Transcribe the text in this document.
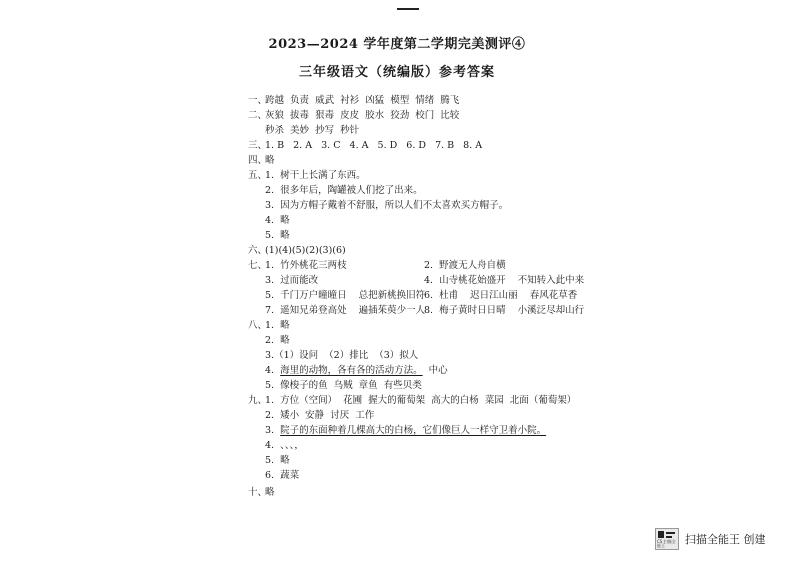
2023—2024 学年度第二学期完美测评④
三年级语文（统编版）参考答案
一、
跨越  负责  威武  衬衫  凶猛  模型  情绪  腾飞
二、
灰狼  拔毒  狠毒  皮皮  胶水  狡劲  校门  比较
秒杀  美妙  抄写  秒针
三、
1. B   2. A   3. C   4. A   5. D   6. D   7. B   8. A
四、
略
五、
1.  树干上长满了东西。
2.  很多年后，陶罐被人们挖了出来。
3.  因为方帽子戴着不舒服，所以人们不太喜欢买方帽子。
4.  略
5.  略
六、
(1)(4)(5)(2)(3)(6)
七、
1.  竹外桃花三两枝
3.  过而能改
5.  千门万户曈曈日    总把新桃换旧符
7.  遥知兄弟登高处    遍插茱萸少一人
2.  野渡无人舟自横
4.  山寺桃花始盛开    不知转入此中来
6.  杜甫    迟日江山丽    春风花草香
8.  梅子黄时日日晴    小溪泛尽却山行
八、
1.  略
2.  略
3.（1）设问  （2）排比  （3）拟人
4. 海里的动物，各有各的活动方法。  中心
5.  像梭子的鱼  乌贼  章鱼  有些贝类
九、
1.  方位（空间）  花圃  握大的葡萄架  高大的白杨  菜园  北面（葡萄架）
2.  矮小  安静  讨厌  工作
3. 院子的东面种着几棵高大的白杨，它们像巨人一样守卫着小院。
4.  、、、，
5.  略
6.  蔬菜
十、
略
CS 扫描全能王	扫描全能王 创建
